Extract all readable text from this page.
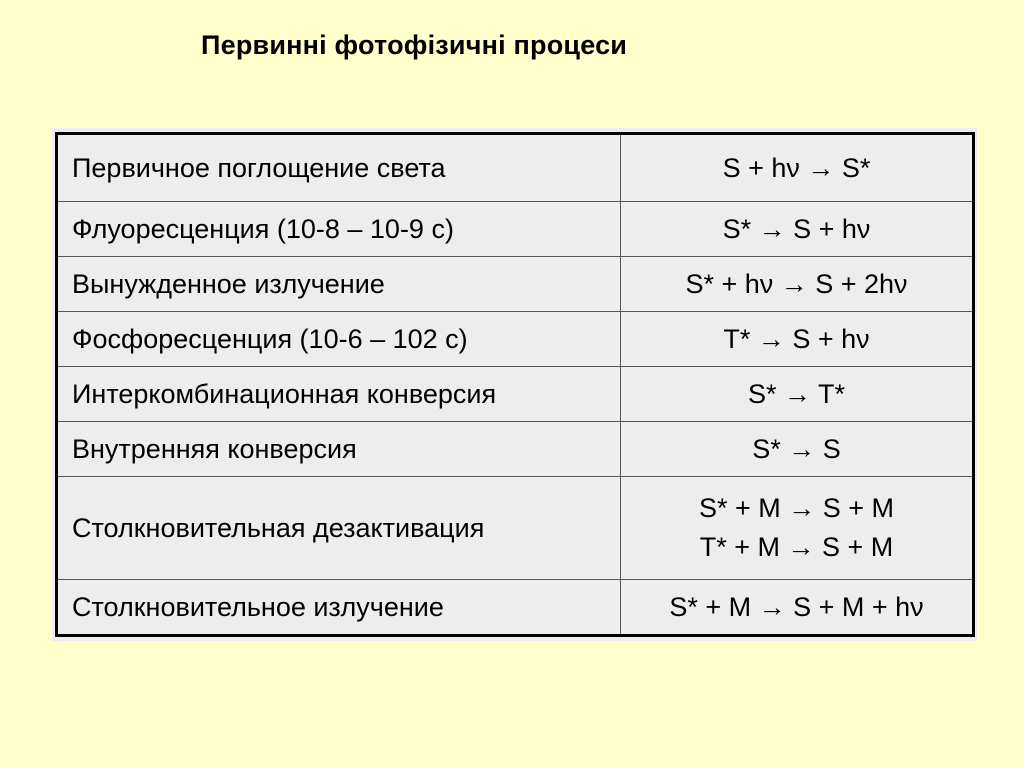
Первинні фотофізичні процеси
Первичное поглощение света	S + hν → S*

Флуоресценция (10-8 – 10-9 с)	S* → S + hν

Вынужденное излучение	S* + hν → S + 2hν

Фосфоресценция (10-6 – 102 с)	T* → S + hν

Интеркомбинационная конверсия	S* → T*

Внутренняя конверсия	S* → S

Столкновительная дезактивация	S* + M → S + M
T* + M → S + M

Столкновительное излучение	S* + M → S + M + hν
